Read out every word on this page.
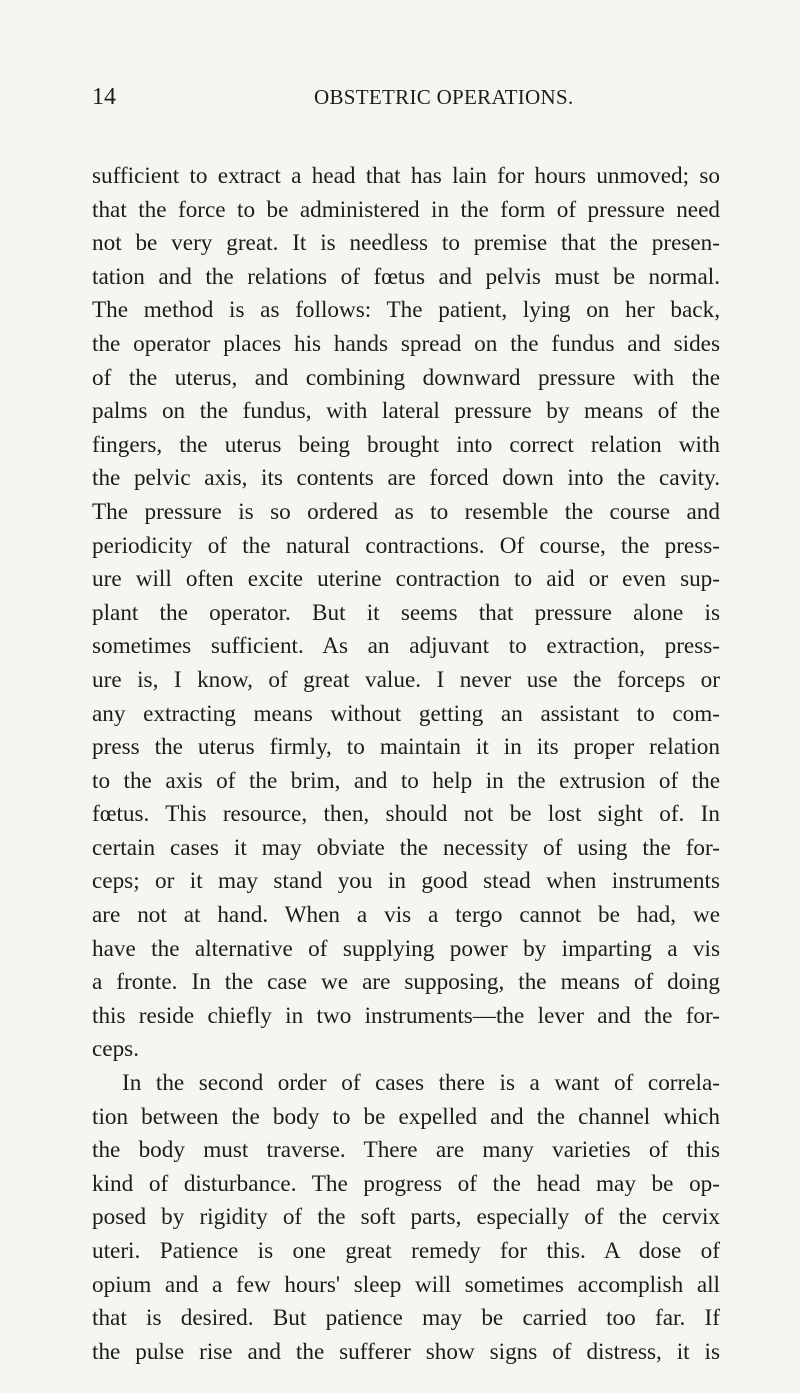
14	OBSTETRIC OPERATIONS.
sufficient to extract a head that has lain for hours unmoved; so
that the force to be administered in the form of pressure need
not be very great. It is needless to premise that the presen-
tation and the relations of fœtus and pelvis must be normal.
The method is as follows: The patient, lying on her back,
the operator places his hands spread on the fundus and sides
of the uterus, and combining downward pressure with the
palms on the fundus, with lateral pressure by means of the
fingers, the uterus being brought into correct relation with
the pelvic axis, its contents are forced down into the cavity.
The pressure is so ordered as to resemble the course and
periodicity of the natural contractions. Of course, the press-
ure will often excite uterine contraction to aid or even sup-
plant the operator. But it seems that pressure alone is
sometimes sufficient. As an adjuvant to extraction, press-
ure is, I know, of great value. I never use the forceps or
any extracting means without getting an assistant to com-
press the uterus firmly, to maintain it in its proper relation
to the axis of the brim, and to help in the extrusion of the
fœtus. This resource, then, should not be lost sight of. In
certain cases it may obviate the necessity of using the for-
ceps; or it may stand you in good stead when instruments
are not at hand. When a vis a tergo cannot be had, we
have the alternative of supplying power by imparting a vis
a fronte. In the case we are supposing, the means of doing
this reside chiefly in two instruments—the lever and the for-
ceps.
In the second order of cases there is a want of correla-
tion between the body to be expelled and the channel which
the body must traverse. There are many varieties of this
kind of disturbance. The progress of the head may be op-
posed by rigidity of the soft parts, especially of the cervix
uteri. Patience is one great remedy for this. A dose of
opium and a few hours' sleep will sometimes accomplish all
that is desired. But patience may be carried too far. If
the pulse rise and the sufferer show signs of distress, it is
